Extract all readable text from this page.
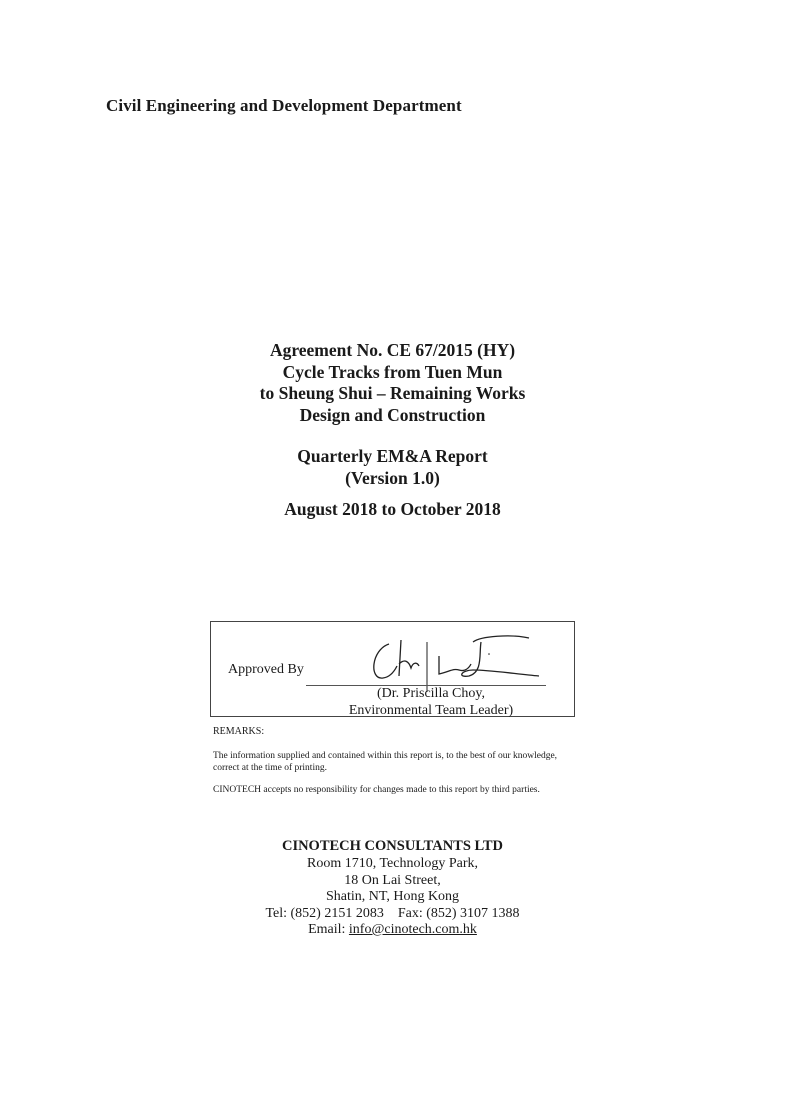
Civil Engineering and Development Department
Agreement No. CE 67/2015 (HY)
Cycle Tracks from Tuen Mun
to Sheung Shui – Remaining Works
Design and Construction
Quarterly EM&A Report
(Version 1.0)
August 2018 to October 2018
Approved By
(Dr. Priscilla Choy,
Environmental Team Leader)
REMARKS:
The information supplied and contained within this report is, to the best of our knowledge, correct at the time of printing.
CINOTECH accepts no responsibility for changes made to this report by third parties.
CINOTECH CONSULTANTS LTD
Room 1710, Technology Park,
18 On Lai Street,
Shatin, NT, Hong Kong
Tel: (852) 2151 2083    Fax: (852) 3107 1388
Email: info@cinotech.com.hk
